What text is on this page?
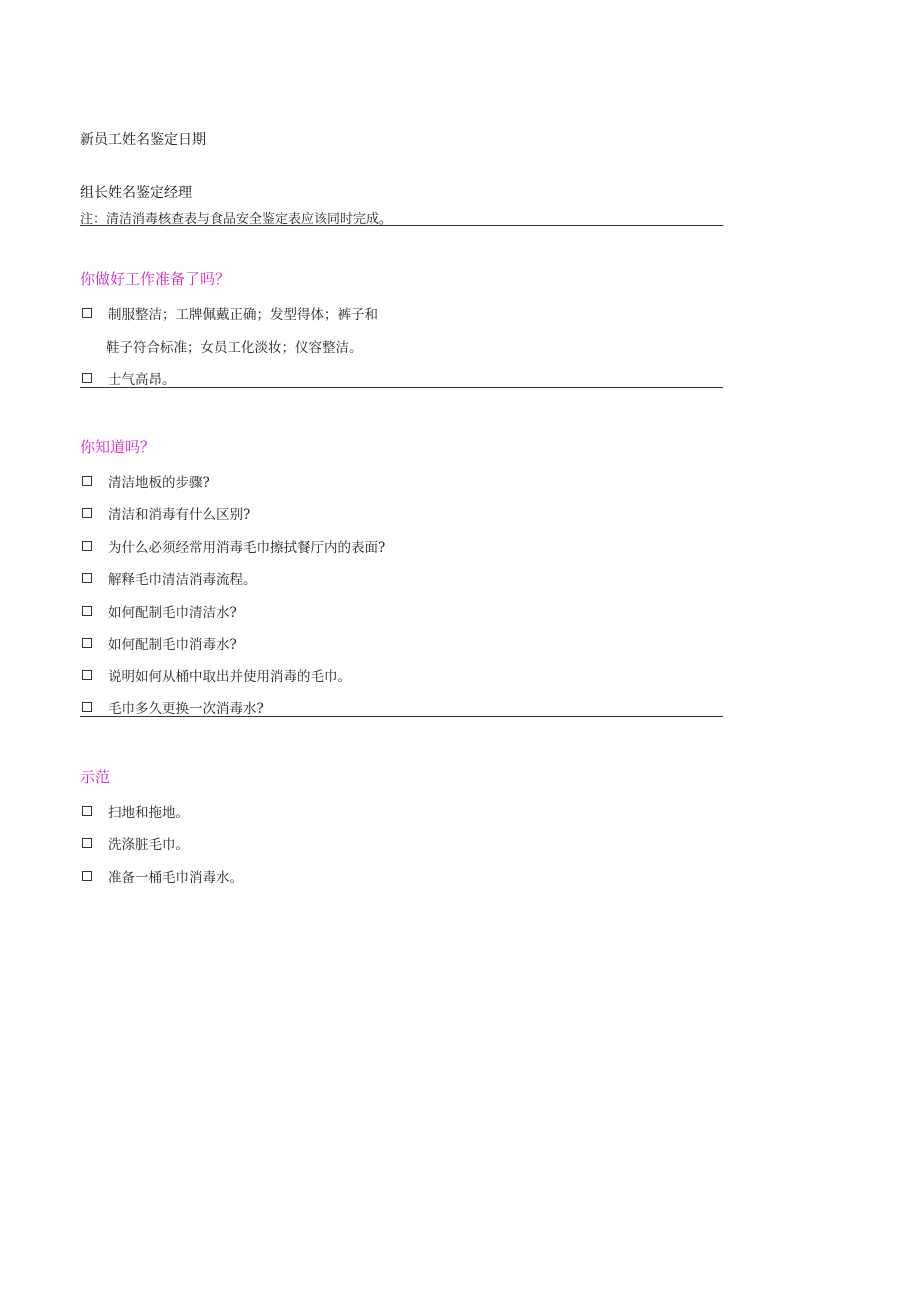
新员工姓名鉴定日期
组长姓名鉴定经理
注：清洁消毒核查表与食品安全鉴定表应该同时完成。
你做好工作准备了吗？
制服整洁；工牌佩戴正确；发型得体；裤子和
鞋子符合标准；女员工化淡妆；仪容整洁。
士气高昂。
你知道吗？
清洁地板的步骤?
清洁和消毒有什么区别?
为什么必须经常用消毒毛巾擦拭餐厅内的表面?
解释毛巾清洁消毒流程。
如何配制毛巾清洁水?
如何配制毛巾消毒水?
说明如何从桶中取出并使用消毒的毛巾。
毛巾多久更换一次消毒水?
示范
扫地和拖地。
洗涤脏毛巾。
准备一桶毛巾消毒水。
